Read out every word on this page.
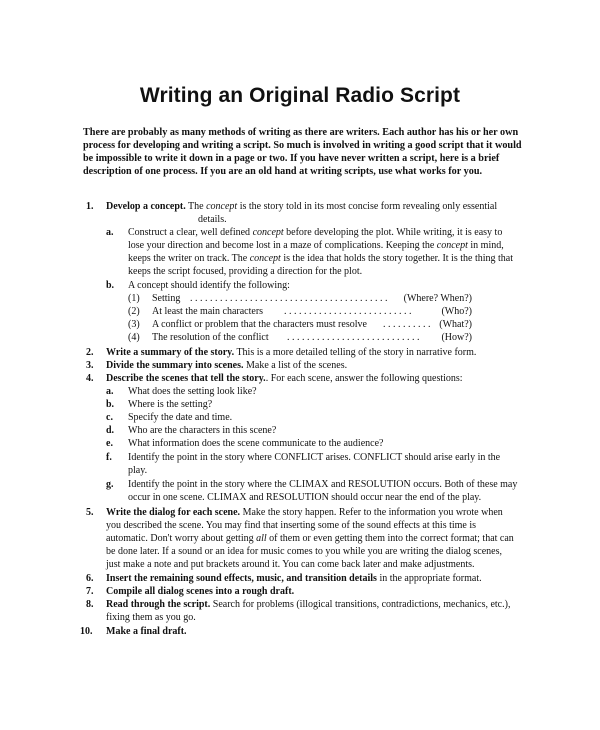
Writing an Original Radio Script
There are probably as many methods of writing as there are writers. Each author has his or her own process for developing and writing a script. So much is involved in writing a good script that it would be impossible to write it down in a page or two. If you have never written a script, here is a brief description of one process. If you are an old hand at writing scripts, use what works for you.
1. Develop a concept. The concept is the story told in its most concise form revealing only essential
details.
a. Construct a clear, well defined concept before developing the plot. While writing, it is easy to
lose your direction and become lost in a maze of complications. Keeping the concept in mind,
keeps the writer on track. The concept is the idea that holds the story together. It is the thing that
keeps the script focused, providing a direction for the plot.
b. A concept should identify the following:
(1) Setting . . . . . . . . . . . . . . . . . . . . . . . . . . . . . . . . . . . . . . . .	(Where? When?)
(2) At least the main characters . . . . . . . . . . . . . . . . . . . . . . . . . .	(Who?)
(3) A conflict or problem that the characters must resolve . . . . . . . . . . (What?)
(4) The resolution of the conflict . . . . . . . . . . . . . . . . . . . . . . . . . . .	(How?)
2. Write a summary of the story. This is a more detailed telling of the story in narrative form.
3. Divide the summary into scenes. Make a list of the scenes.
4. Describe the scenes that tell the story.. For each scene, answer the following questions:
a. What does the setting look like?
b. Where is the setting?
c. Specify the date and time.
d. Who are the characters in this scene?
e. What information does the scene communicate to the audience?
f. Identify the point in the story where CONFLICT arises. CONFLICT should arise early in the
play.
g. Identify the point in the story where the CLIMAX and RESOLUTION occurs. Both of these may
occur in one scene. CLIMAX and RESOLUTION should occur near the end of the play.
5. Write the dialog for each scene. Make the story happen. Refer to the information you wrote when
you described the scene. You may find that inserting some of the sound effects at this time is
automatic. Don't worry about getting all of them or even getting them into the correct format; that can
be done later. If a sound or an idea for music comes to you while you are writing the dialog scenes,
just make a note and put brackets around it. You can come back later and make adjustments.
6. Insert the remaining sound effects, music, and transition details in the appropriate format.
7. Compile all dialog scenes into a rough draft.
8. Read through the script. Search for problems (illogical transitions, contradictions, mechanics, etc.),
fixing them as you go.
10. Make a final draft.
